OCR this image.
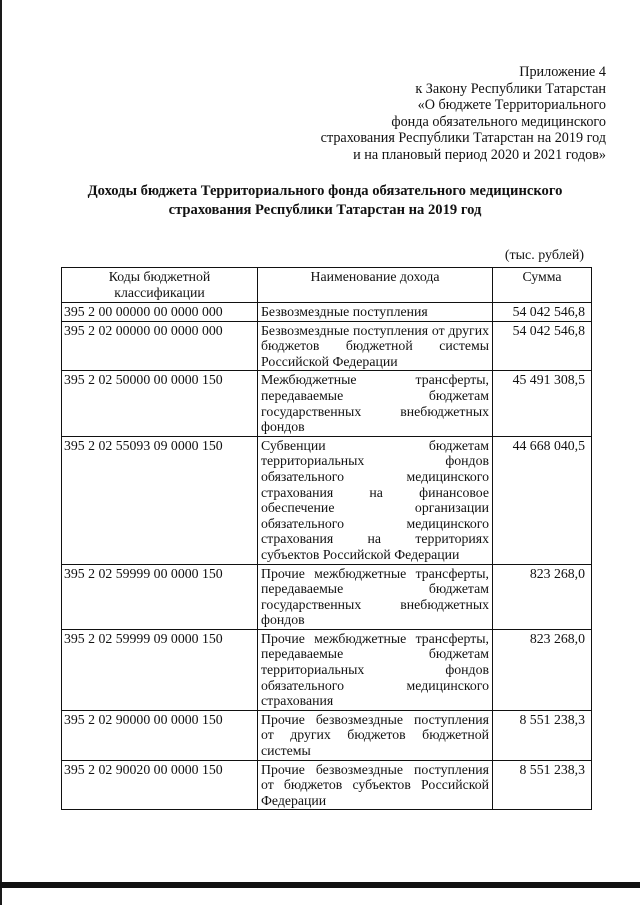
Приложение 4
к Закону Республики Татарстан
«О бюджете Территориального
фонда обязательного медицинского
страхования Республики Татарстан на 2019 год
и на плановый период 2020 и 2021 годов»
Доходы бюджета Территориального фонда обязательного медицинского
страхования Республики Татарстан на 2019 год
(тыс. рублей)
Коды бюджетной классификации	Наименование дохода	Сумма
395 2 00 00000 00 0000 000	Безвозмездные поступления	54 042 546,8
395 2 02 00000 00 0000 000	Безвозмездные поступления от других бюджетов бюджетной системы Российской Федерации	54 042 546,8
395 2 02 50000 00 0000 150	Межбюджетные трансферты, передаваемые бюджетам государственных внебюджетных фондов	45 491 308,5
395 2 02 55093 09 0000 150	Субвенции бюджетам территориальных фондов обязательного медицинского страхования на финансовое обеспечение организации обязательного медицинского страхования на территориях субъектов Российской Федерации	44 668 040,5
395 2 02 59999 00 0000 150	Прочие межбюджетные трансферты, передаваемые бюджетам государственных внебюджетных фондов	823 268,0
395 2 02 59999 09 0000 150	Прочие межбюджетные трансферты, передаваемые бюджетам территориальных фондов обязательного медицинского страхования	823 268,0
395 2 02 90000 00 0000 150	Прочие безвозмездные поступления от других бюджетов бюджетной системы	8 551 238,3
395 2 02 90020 00 0000 150	Прочие безвозмездные поступления от бюджетов субъектов Российской Федерации	8 551 238,3
